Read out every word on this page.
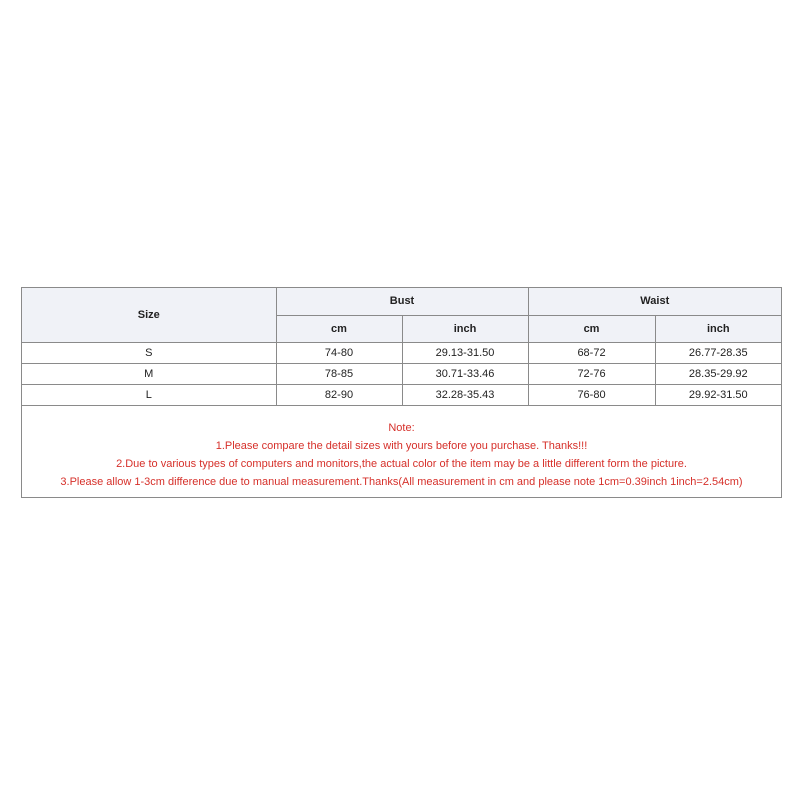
Size	Bust		Waist	
	cm	inch	cm	inch
S	74-80	29.13-31.50	68-72	26.77-28.35
M	78-85	30.71-33.46	72-76	28.35-29.92
L	82-90	32.28-35.43	76-80	29.92-31.50
Note:
1.Please compare the detail sizes with yours before you purchase. Thanks!!!
2.Due to various types of computers and monitors,the actual color of the item may be a little different form the picture.
3.Please allow 1-3cm difference due to manual measurement.Thanks(All measurement in cm and please note 1cm=0.39inch 1inch=2.54cm)
